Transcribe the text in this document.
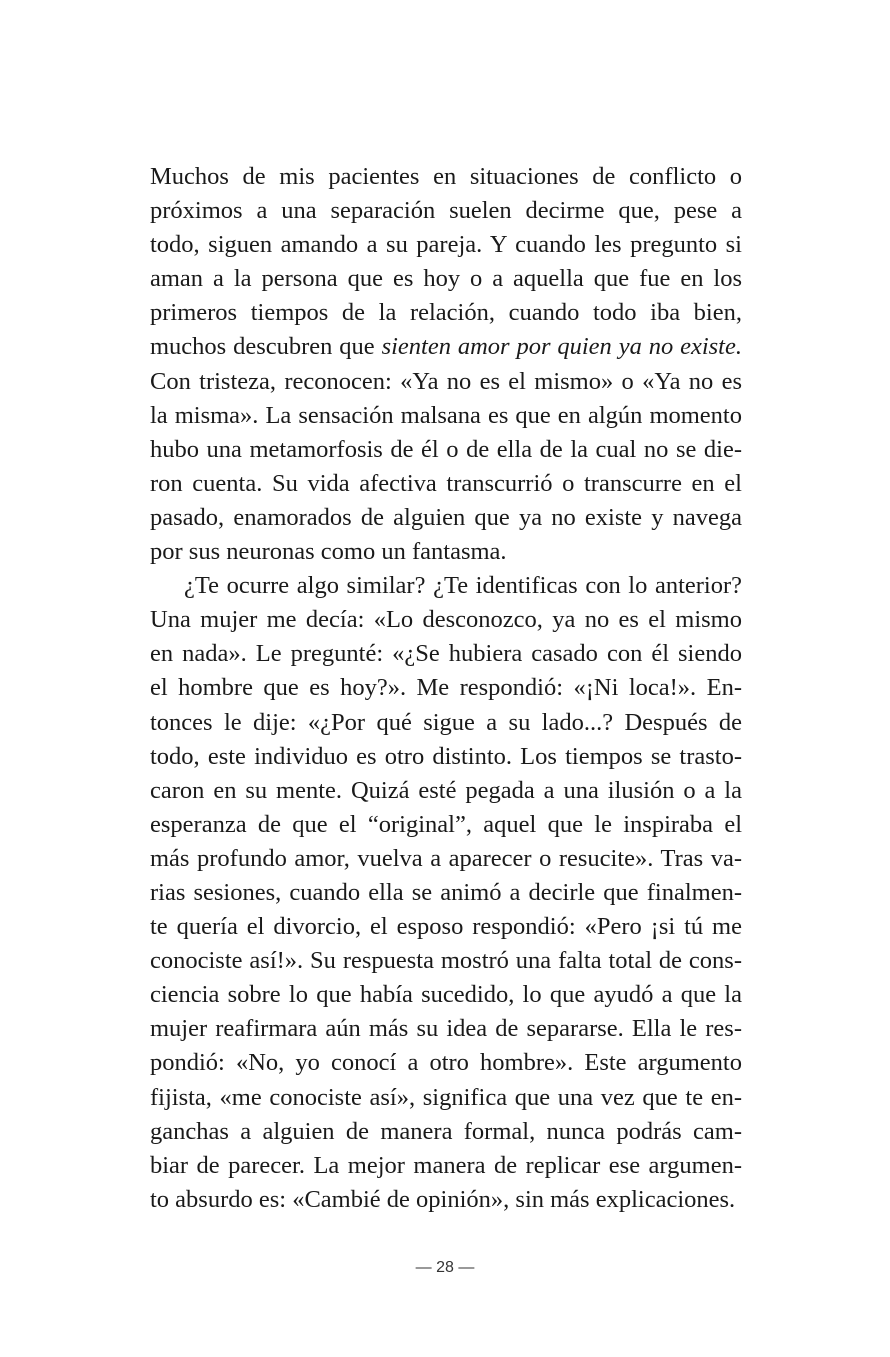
Muchos de mis pacientes en situaciones de conflicto o
próximos a una separación suelen decirme que, pese a
todo, siguen amando a su pareja. Y cuando les pregunto si
aman a la persona que es hoy o a aquella que fue en los
primeros tiempos de la relación, cuando todo iba bien,
muchos descubren que sienten amor por quien ya no existe.
Con tristeza, reconocen: «Ya no es el mismo» o «Ya no es
la misma». La sensación malsana es que en algún momento
hubo una metamorfosis de él o de ella de la cual no se die-
ron cuenta. Su vida afectiva transcurrió o transcurre en el
pasado, enamorados de alguien que ya no existe y navega
por sus neuronas como un fantasma.
¿Te ocurre algo similar? ¿Te identificas con lo anterior?
Una mujer me decía: «Lo desconozco, ya no es el mismo
en nada». Le pregunté: «¿Se hubiera casado con él siendo
el hombre que es hoy?». Me respondió: «¡Ni loca!». En-
tonces le dije: «¿Por qué sigue a su lado...? Después de
todo, este individuo es otro distinto. Los tiempos se trasto-
caron en su mente. Quizá esté pegada a una ilusión o a la
esperanza de que el “original”, aquel que le inspiraba el
más profundo amor, vuelva a aparecer o resucite». Tras va-
rias sesiones, cuando ella se animó a decirle que finalmen-
te quería el divorcio, el esposo respondió: «Pero ¡si tú me
conociste así!». Su respuesta mostró una falta total de cons-
ciencia sobre lo que había sucedido, lo que ayudó a que la
mujer reafirmara aún más su idea de separarse. Ella le res-
pondió: «No, yo conocí a otro hombre». Este argumento
fijista, «me conociste así», significa que una vez que te en-
ganchas a alguien de manera formal, nunca podrás cam-
biar de parecer. La mejor manera de replicar ese argumen-
to absurdo es: «Cambié de opinión», sin más explicaciones.
— 28 —
